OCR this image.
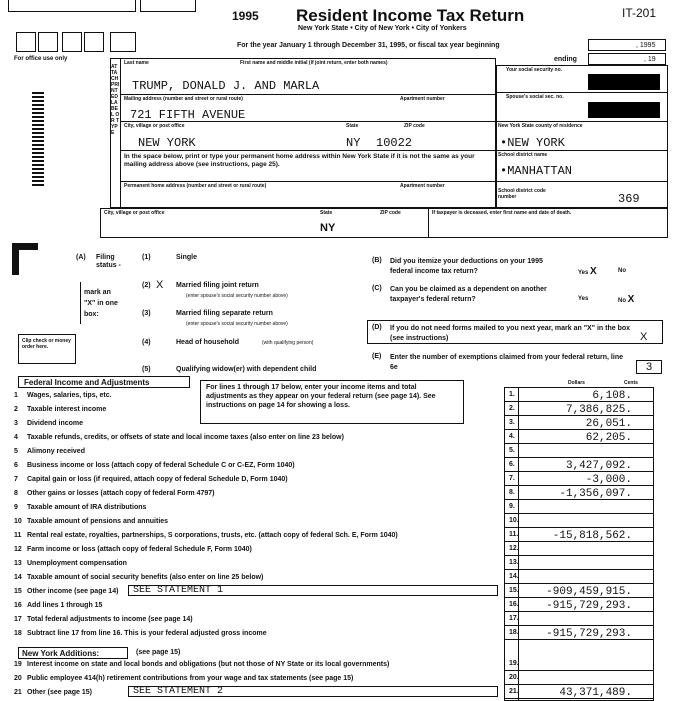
1995 Resident Income Tax Return
New York State • City of New York • City of Yonkers
IT-201
For office use only
For the year January 1 through December 31, 1995, or fiscal tax year beginning	, 1995
ending	, 19
ATTACH PRINTED LABEL OR TYPE
Last name	First name and middle initial (if joint return, enter both names)
TRUMP, DONALD J. AND MARLA
Mailing address (number and street or rural route)	Apartment number
721 FIFTH AVENUE
City, village or post office	State	ZIP code
NEW YORK	NY 10022
In the space below, print or type your permanent home address within New York State if it is not the same as your mailing address above (see instructions, page 25).
Permanent home address (number and street or rural route)	Apartment number
Your social security no.
Spouse's social sec. no.
New York State county of residence
•NEW YORK
School district name
•MANHATTAN
School district code number	369
City, village or post office	State	ZIP code
NY
If taxpayer is deceased, enter first name and date of death.
(A) Filing status -
mark an "X" in one box:
Clip check or money order here.
(1)	Single
(2) X Married filing joint return
(enter spouse's social security number above)
(3)	Married filing separate return
(enter spouse's social security number above)
(4)	Head of household	(with qualifying person)
(5)	Qualifying widow(er) with dependent child
(B) Did you itemize your deductions on your 1995 federal income tax return?	Yes X	No
(C) Can you be claimed as a dependent on another taxpayer's federal return?	Yes	No X
(D) If you do not need forms mailed to you next year, mark an "X" in the box (see instructions)	X
(E) Enter the number of exemptions claimed from your federal return, line 6e	3
Federal Income and Adjustments
For lines 1 through 17 below, enter your income items and total adjustments as they appear on your federal return (see page 14). See instructions on page 14 for showing a loss.
Dollars	Cents
1 Wages, salaries, tips, etc.	1.	6,108.
2 Taxable interest income	2.	7,386,825.
3 Dividend income	3.	26,051.
4 Taxable refunds, credits, or offsets of state and local income taxes (also enter on line 23 below)	4.	62,205.
5 Alimony received	5.
6 Business income or loss (attach copy of federal Schedule C or C-EZ, Form 1040)	6.	3,427,092.
7 Capital gain or loss (if required, attach copy of federal Schedule D, Form 1040)	7.	-3,000.
8 Other gains or losses (attach copy of federal Form 4797)	8.	-1,356,097.
9 Taxable amount of IRA distributions	9.
10 Taxable amount of pensions and annuities	10.
11 Rental real estate, royalties, partnerships, S corporations, trusts, etc. (attach copy of federal Sch. E, Form 1040)	11.	-15,818,562.
12 Farm income or loss (attach copy of federal Schedule F, Form 1040)	12.
13 Unemployment compensation	13.
14 Taxable amount of social security benefits (also enter on line 25 below)	14.
15 Other income (see page 14)	SEE STATEMENT 1	15. -909,459,915.
16 Add lines 1 through 15	16. -915,729,293.
17 Total federal adjustments to income (see page 14)	17.
18 Subtract line 17 from line 16. This is your federal adjusted gross income	18. -915,729,293.
19 Interest income on state and local bonds and obligations (but not those of NY State or its local governments)	19.
20 Public employee 414(h) retirement contributions from your wage and tax statements (see page 15)	20.
21 Other (see page 15)	SEE STATEMENT 2	21.	43,371,489.
New York Additions:	(see page 15)
